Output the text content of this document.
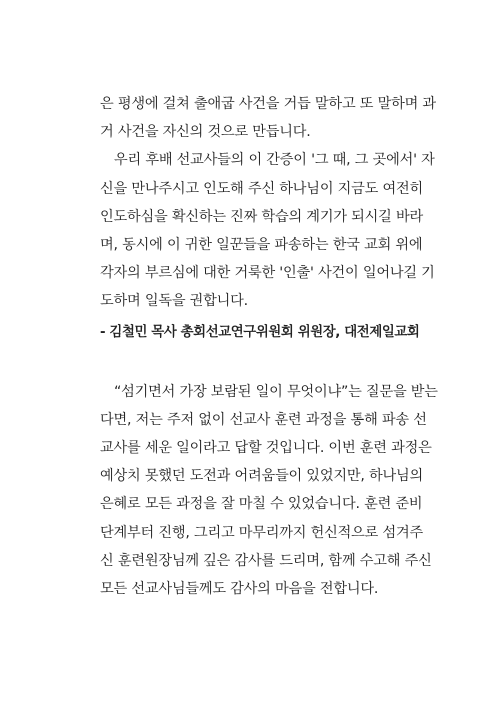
은 평생에 걸쳐 출애굽 사건을 거듭 말하고 또 말하며 과
거 사건을 자신의 것으로 만듭니다.

우리 후배 선교사들의 이 간증이 '그 때, 그 곳에서' 자
신을 만나주시고 인도해 주신 하나님이 지금도 여전히
인도하심을 확신하는 진짜 학습의 계기가 되시길 바라
며, 동시에 이 귀한 일꾼들을 파송하는 한국 교회 위에
각자의 부르심에 대한 거룩한 '인출' 사건이 일어나길 기
도하며 일독을 권합니다.

- 김철민 목사 총회선교연구위원회 위원장, 대전제일교회

“섬기면서 가장 보람된 일이 무엇이냐”는 질문을 받는
다면, 저는 주저 없이 선교사 훈련 과정을 통해 파송 선
교사를 세운 일이라고 답할 것입니다. 이번 훈련 과정은
예상치 못했던 도전과 어려움들이 있었지만, 하나님의
은혜로 모든 과정을 잘 마칠 수 있었습니다. 훈련 준비
단계부터 진행, 그리고 마무리까지 헌신적으로 섬겨주
신 훈련원장님께 깊은 감사를 드리며, 함께 수고해 주신
모든 선교사님들께도 감사의 마음을 전합니다.
